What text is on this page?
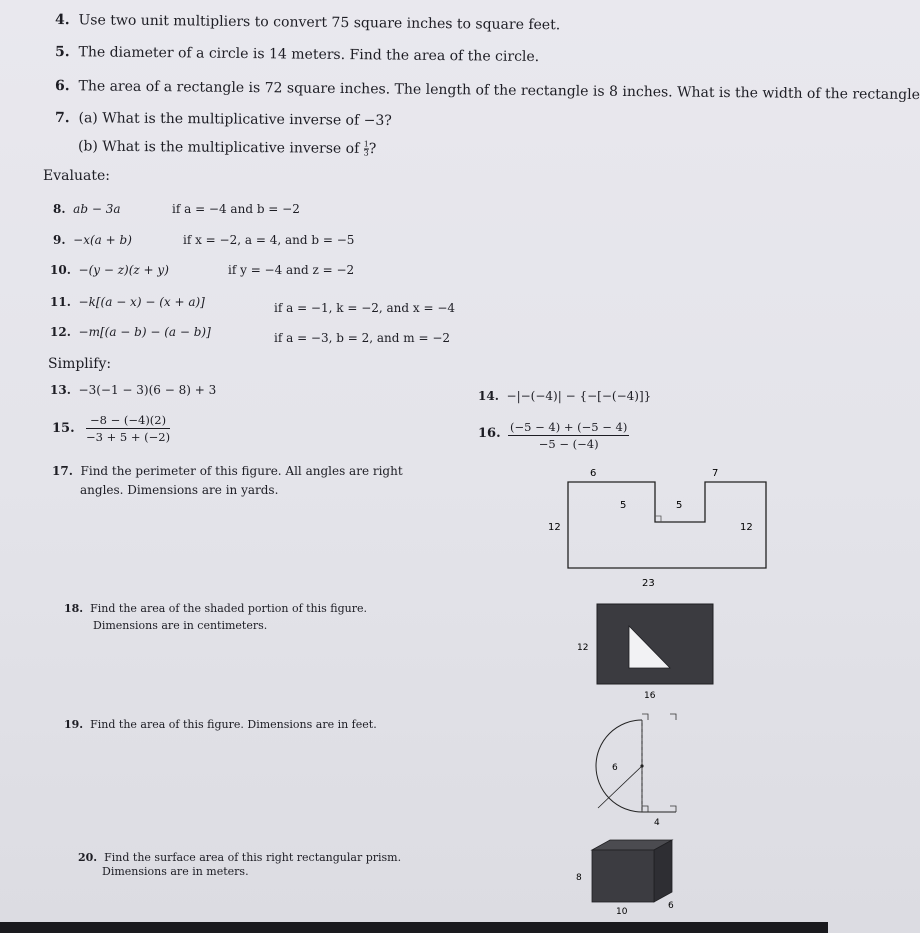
4. Use two unit multipliers to convert 75 square inches to square feet.
5. The diameter of a circle is 14 meters. Find the area of the circle.
6. The area of a rectangle is 72 square inches. The length of the rectangle is 8 inches. What is the width of the rectangle
7. (a) What is the multiplicative inverse of −3?
(b) What is the multiplicative inverse of $\frac{1}{3}$ ?
Evaluate:
8. ab − 3a	if a = −4 and b = −2
9. −x(a + b)	if x = −2, a = 4, and b = −5
10. −(y − z)(z + y)	if y = −4 and z = −2
11. −k[(a − x) − (x + a)]	if a = −1, k = −2, and x = −4
12. −m[(a − b) − (a − b)]	if a = −3, b = 2, and m = −2
Simplify:
13. −3(−1 − 3)(6 − 8) + 3	14. −|−(−4)| − {−[−(−4)]}
15. $\frac{-8 - (-4)(2)}{-3 + 5 + (-2)}$	16. $\frac{(-5 - 4) + (-5 - 4)}{-5 - (-4)}$
17. Find the perimeter of this figure. All angles are right
angles. Dimensions are in yards.
6	7
5	5
12	12
23
18. Find the area of the shaded portion of this figure.
Dimensions are in centimeters.
12
16
19. Find the area of this figure. Dimensions are in feet.
6
4
20. Find the surface area of this right rectangular prism.
Dimensions are in meters.	8
10
6
